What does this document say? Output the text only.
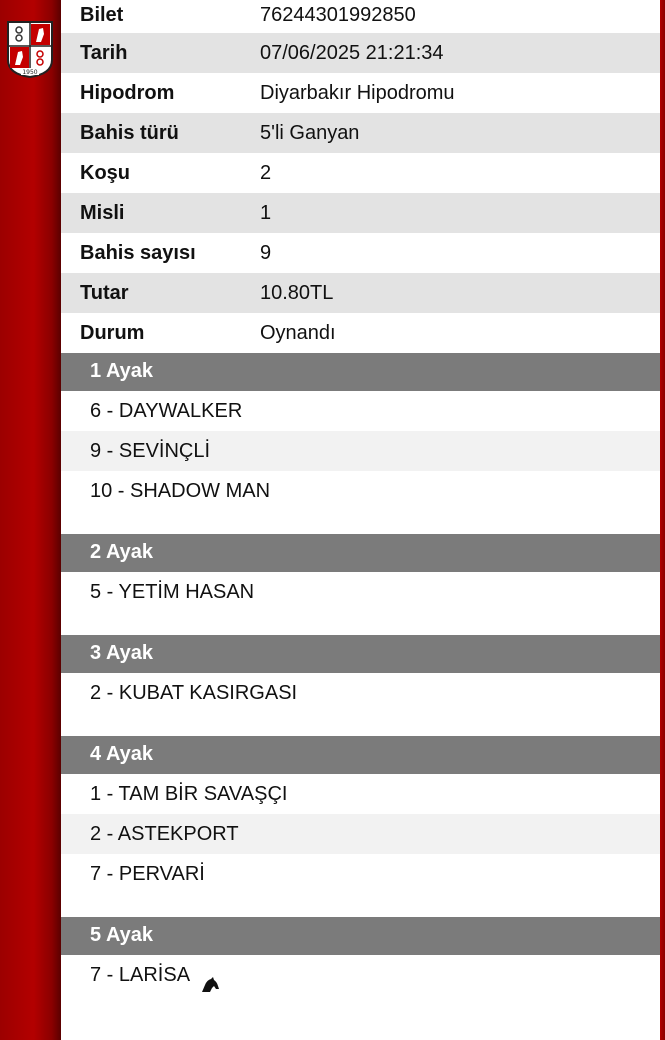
1950
Bilet	76244301992850
Tarih	07/06/2025 21:21:34
Hipodrom	Diyarbakır Hipodromu
Bahis türü	5'li Ganyan
Koşu	2
Misli	1
Bahis sayısı	9
Tutar	10.80TL
Durum	Oynandı
1 Ayak
6 - DAYWALKER
9 - SEVİNÇLİ
10 - SHADOW MAN
2 Ayak
5 - YETİM HASAN
3 Ayak
2 - KUBAT KASIRGASI
4 Ayak
1 - TAM BİR SAVAŞÇI
2 - ASTEKPORT
7 - PERVARİ
5 Ayak
7 - LARİSA
